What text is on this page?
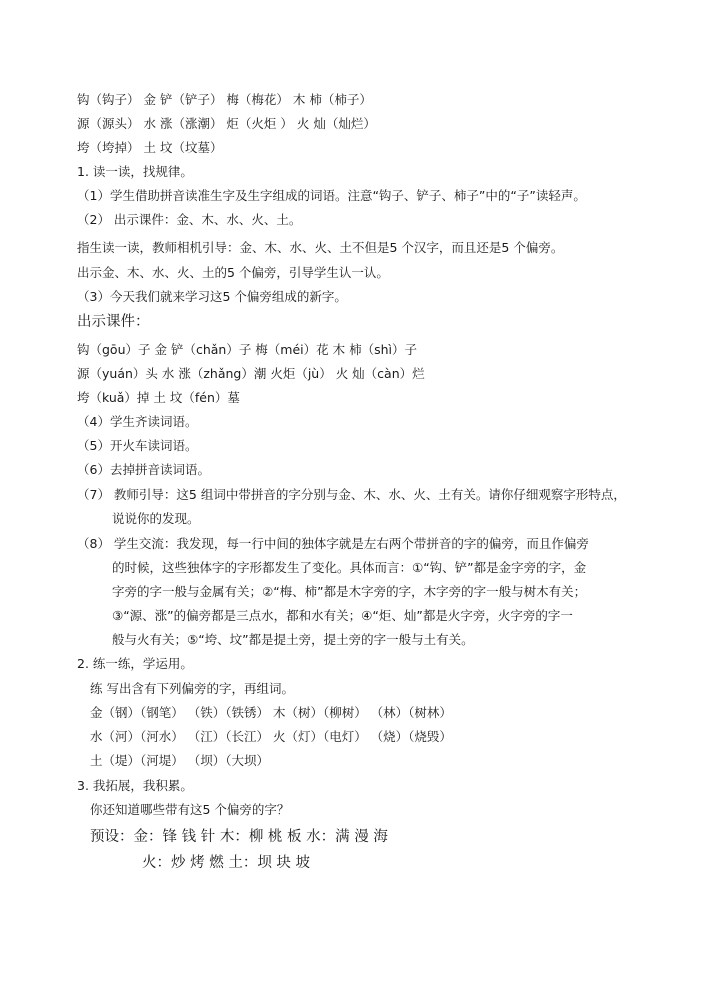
钩（钩子） 金 铲（铲子） 梅（梅花） 木 柿（柿子）
源（源头） 水 涨（涨潮） 炬（火炬 ） 火 灿（灿烂）
垮（垮掉） 土 坟（坟墓）
1. 读一读，找规律。
（1）学生借助拼音读准生字及生字组成的词语。注意“钩子、铲子、柿子”中的“子”读轻声。
（2） 出示课件：金、木、水、火、土。
指生读一读，教师相机引导：金、木、水、火、土不但是5 个汉字，而且还是5 个偏旁。
出示金、木、水、火、土的5 个偏旁，引导学生认一认。
（3）今天我们就来学习这5 个偏旁组成的新字。
出示课件：
钩（gōu）子 金 铲（chǎn）子 梅（méi）花 木 柿（shì）子
源（yuán）头 水 涨（zhǎng）潮 火炬（jù） 火 灿（càn）烂
垮（kuǎ）掉 土 坟（fén）墓
（4）学生齐读词语。
（5）开火车读词语。
（6）去掉拼音读词语。
（7） 教师引导：这5 组词中带拼音的字分别与金、木、水、火、土有关。请你仔细观察字形特点，
说说你的发现。
（8） 学生交流：我发现，每一行中间的独体字就是左右两个带拼音的字的偏旁，而且作偏旁
的时候，这些独体字的字形都发生了变化。具体而言：①“钩、铲”都是金字旁的字，金
字旁的字一般与金属有关；②“梅、柿”都是木字旁的字，木字旁的字一般与树木有关；
③“源、涨”的偏旁都是三点水，都和水有关；④“炬、灿”都是火字旁，火字旁的字一
般与火有关；⑤“垮、坟”都是提土旁，提土旁的字一般与土有关。
2. 练一练，学运用。
练 写出含有下列偏旁的字，再组词。
金（钢）（钢笔） （铁）（铁锈） 木（树）（柳树） （林）（树林）
水（河）（河水） （江）（长江） 火（灯）（电灯） （烧）（烧毁）
土（堤）（河堤） （坝）（大坝）
3. 我拓展，我积累。
你还知道哪些带有这5 个偏旁的字？
预设：金：锋 钱 针 木：柳 桃 板 水：满 漫 海
火：炒 烤 燃 土：坝 块 坡
